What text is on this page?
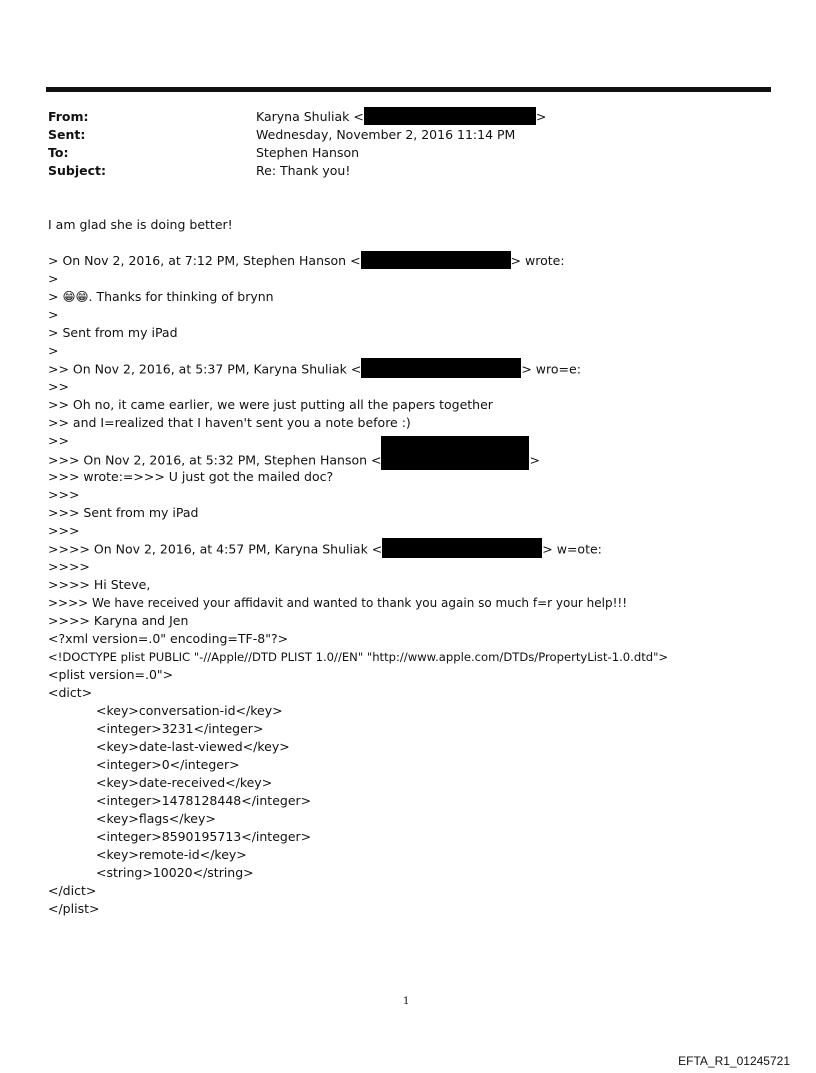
From:	Karyna Shuliak <	>
Sent:	Wednesday, November 2, 2016 11:14 PM
To:	Stephen Hanson
Subject:	Re: Thank you!
I am glad she is doing better!
> On Nov 2, 2016, at 7:12 PM, Stephen Hanson <	> wrote:
>
> 😁😁. Thanks for thinking of brynn
>
> Sent from my iPad
>
>> On Nov 2, 2016, at 5:37 PM, Karyna Shuliak <	> wro=e:
>>
>> Oh no, it came earlier, we were just putting all the papers together
>> and I=realized that I haven't sent you a note before :)
>>
>>> On Nov 2, 2016, at 5:32 PM, Stephen Hanson <	>
>>> wrote:=>>> U just got the mailed doc?
>>>
>>> Sent from my iPad
>>>
>>>> On Nov 2, 2016, at 4:57 PM, Karyna Shuliak <	> w=ote:
>>>>
>>>> Hi Steve,
>>>> We have received your affidavit and wanted to thank you again so much f=r your help!!!
>>>> Karyna and Jen
<?xml version=.0" encoding=TF-8"?>
<!DOCTYPE plist PUBLIC "-//Apple//DTD PLIST 1.0//EN" "http://www.apple.com/DTDs/PropertyList-1.0.dtd">
<plist version=.0">
<dict>
<key>conversation-id</key>
<integer>3231</integer>
<key>date-last-viewed</key>
<integer>0</integer>
<key>date-received</key>
<integer>1478128448</integer>
<key>flags</key>
<integer>8590195713</integer>
<key>remote-id</key>
<string>10020</string>
</dict>
</plist>
1
EFTA_R1_01245721
